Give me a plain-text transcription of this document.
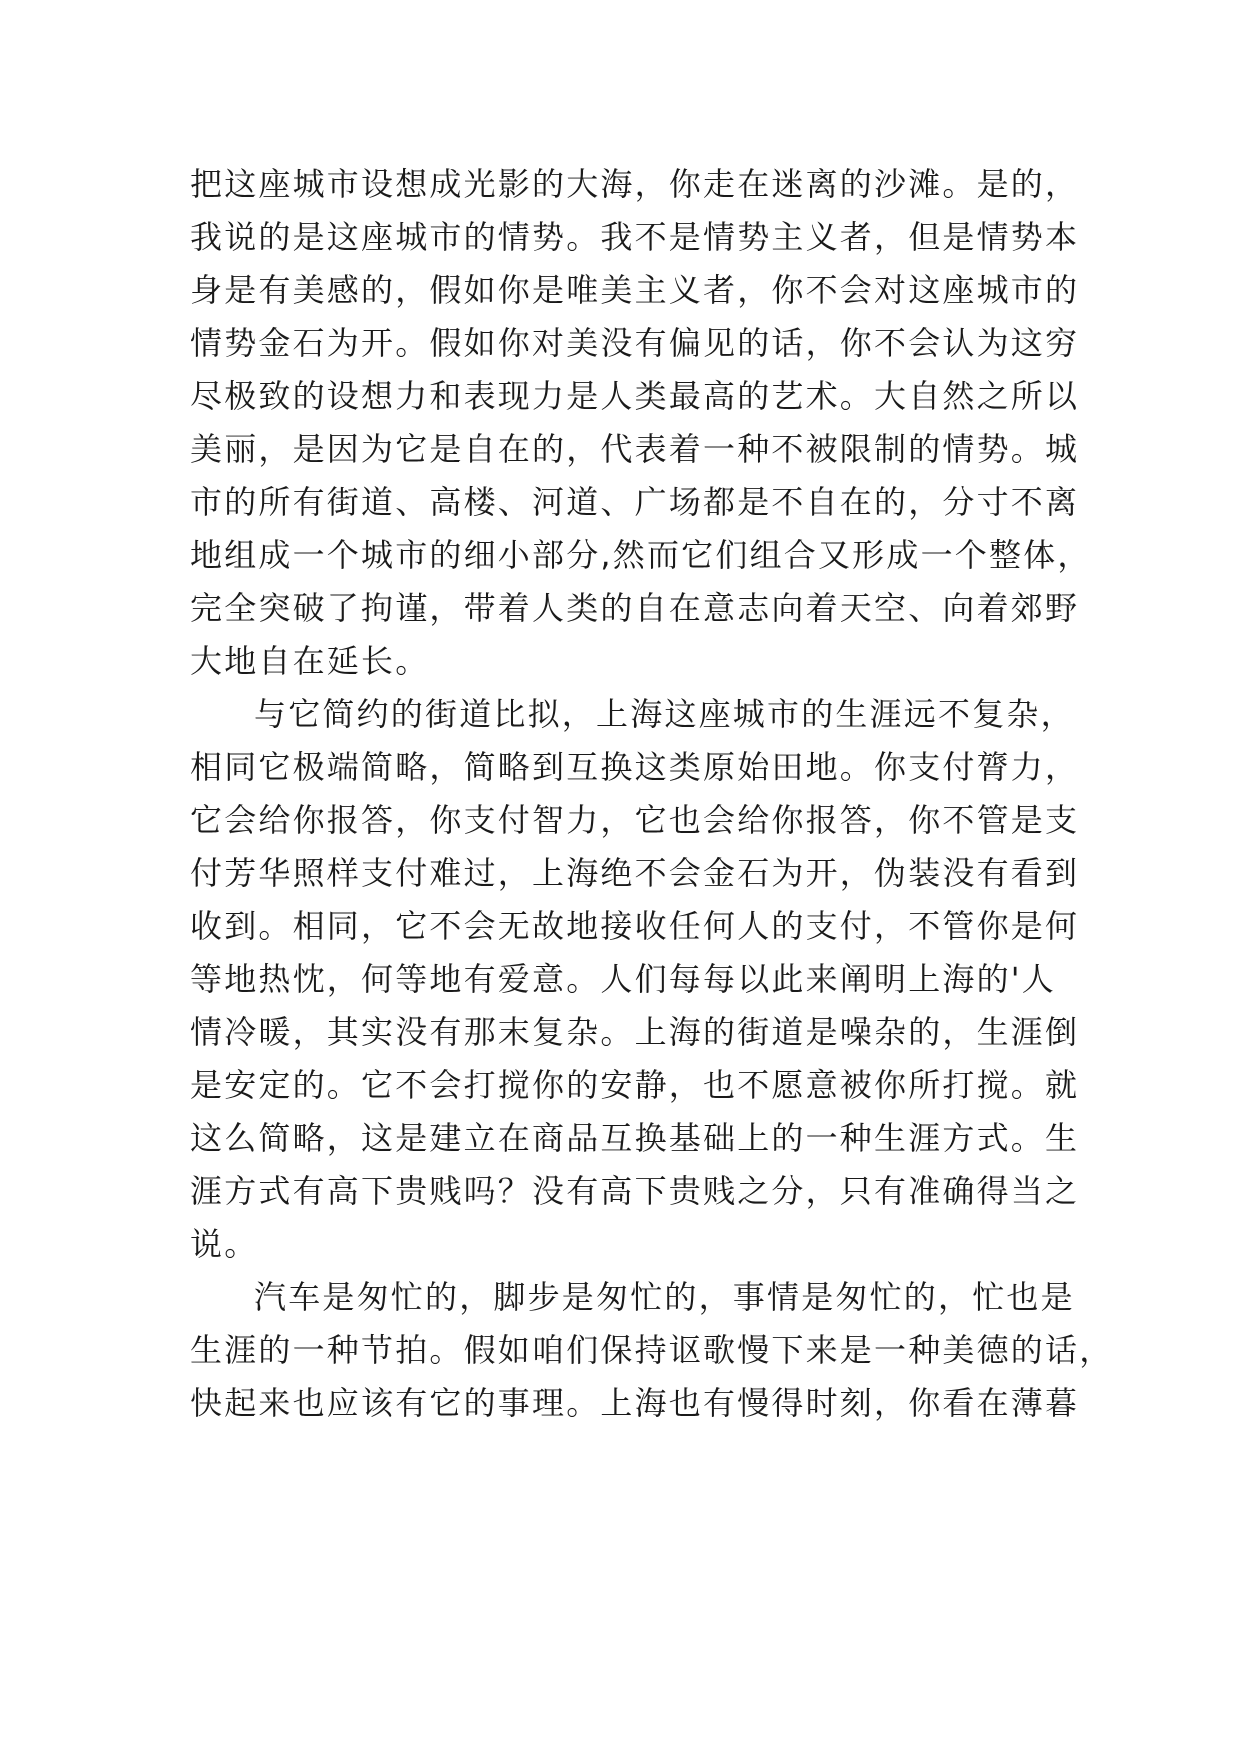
把这座城市设想成光影的大海，你走在迷离的沙滩。是的，
我说的是这座城市的情势。我不是情势主义者，但是情势本
身是有美感的，假如你是唯美主义者，你不会对这座城市的
情势金石为开。假如你对美没有偏见的话，你不会认为这穷
尽极致的设想力和表现力是人类最高的艺术。大自然之所以
美丽，是因为它是自在的，代表着一种不被限制的情势。城
市的所有街道、高楼、河道、广场都是不自在的，分寸不离
地组成一个城市的细小部分,然而它们组合又形成一个整体，
完全突破了拘谨，带着人类的自在意志向着天空、向着郊野
大地自在延长。
与它简约的街道比拟，上海这座城市的生涯远不复杂，
相同它极端简略，简略到互换这类原始田地。你支付膂力，
它会给你报答，你支付智力，它也会给你报答，你不管是支
付芳华照样支付难过，上海绝不会金石为开，伪装没有看到
收到。相同，它不会无故地接收任何人的支付，不管你是何
等地热忱，何等地有爱意。人们每每以此来阐明上海的'人
情冷暖，其实没有那末复杂。上海的街道是噪杂的，生涯倒
是安定的。它不会打搅你的安静，也不愿意被你所打搅。就
这么简略，这是建立在商品互换基础上的一种生涯方式。生
涯方式有高下贵贱吗？没有高下贵贱之分，只有准确得当之
说。
汽车是匆忙的，脚步是匆忙的，事情是匆忙的，忙也是
生涯的一种节拍。假如咱们保持讴歌慢下来是一种美德的话，
快起来也应该有它的事理。上海也有慢得时刻，你看在薄暮
